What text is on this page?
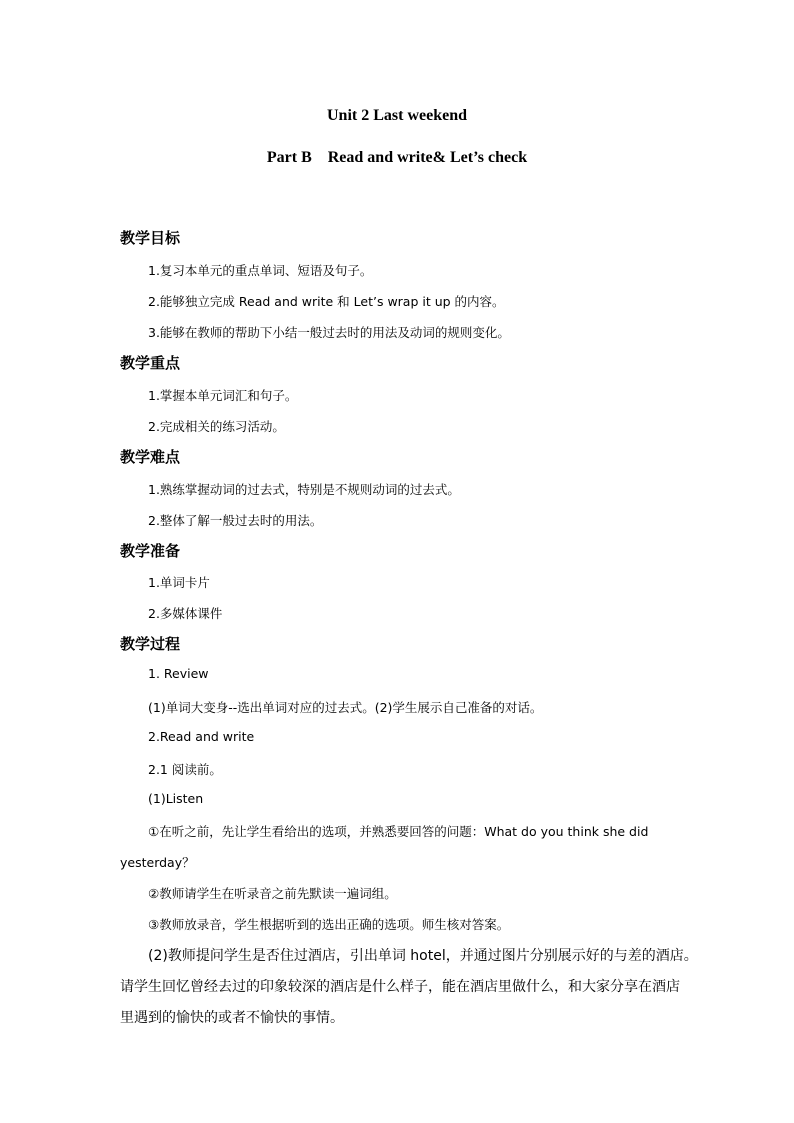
Unit 2 Last weekend
Part B    Read and write& Let’s check
教学目标
1.复习本单元的重点单词、短语及句子。
2.能够独立完成 Read and write 和 Let’s wrap it up 的内容。
3.能够在教师的帮助下小结一般过去时的用法及动词的规则变化。
教学重点
1.掌握本单元词汇和句子。
2.完成相关的练习活动。
教学难点
1.熟练掌握动词的过去式，特别是不规则动词的过去式。
2.整体了解一般过去时的用法。
教学准备
1.单词卡片
2.多媒体课件
教学过程
1. Review
(1)单词大变身--选出单词对应的过去式。(2)学生展示自己准备的对话。
2.Read and write
2.1 阅读前。
(1)Listen
①在听之前，先让学生看给出的选项，并熟悉要回答的问题：What do you think she did
yesterday？
②教师请学生在听录音之前先默读一遍词组。
③教师放录音，学生根据听到的选出正确的选项。师生核对答案。
(2)教师提问学生是否住过酒店，引出单词 hotel，并通过图片分别展示好的与差的酒店。
请学生回忆曾经去过的印象较深的酒店是什么样子，能在酒店里做什么，和大家分享在酒店
里遇到的愉快的或者不愉快的事情。
